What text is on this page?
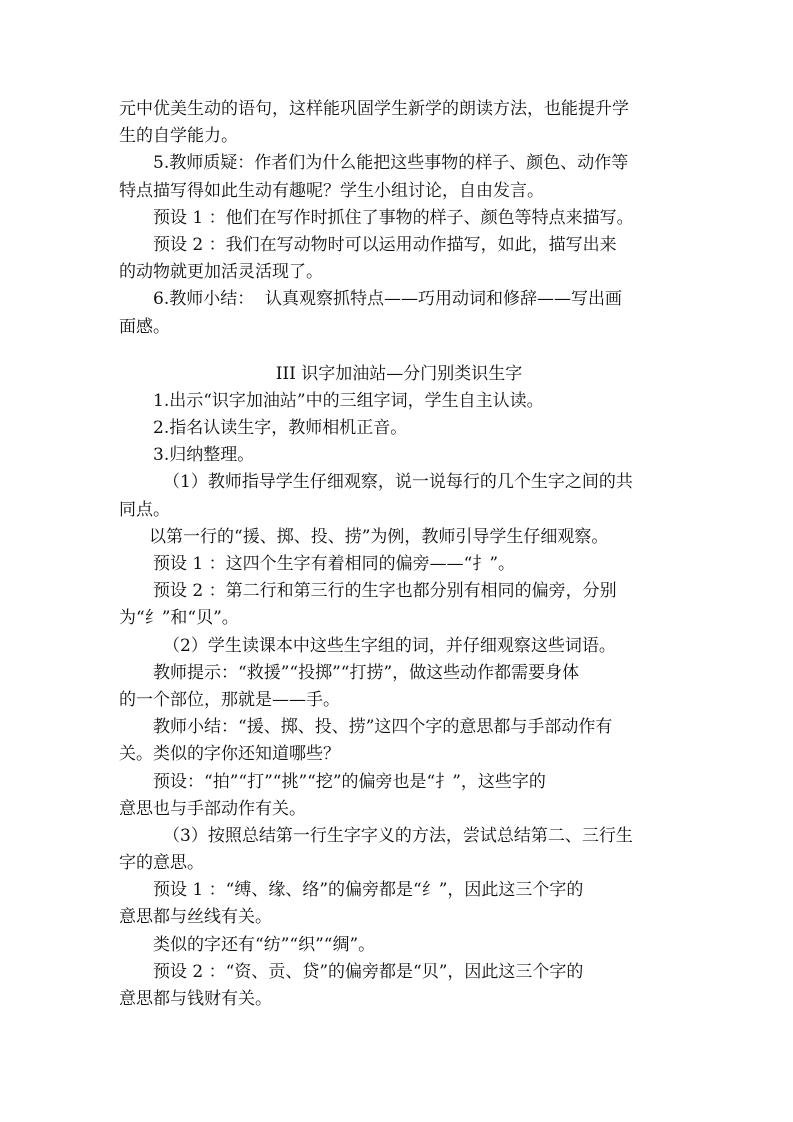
元中优美生动的语句，这样能巩固学生新学的朗读方法，也能提升学
生的自学能力。
5.教师质疑：作者们为什么能把这些事物的样子、颜色、动作等
特点描写得如此生动有趣呢？学生小组讨论，自由发言。
预设 1 ：他们在写作时抓住了事物的样子、颜色等特点来描写。
预设 2 ：我们在写动物时可以运用动作描写，如此，描写出来
的动物就更加活灵活现了。
6.教师小结：  认真观察抓特点——巧用动词和修辞——写出画
面感。
III 识字加油站—分门别类识生字
1.出示“识字加油站”中的三组字词，学生自主认读。
2.指名认读生字，教师相机正音。
3.归纳整理。
（1）教师指导学生仔细观察，说一说每行的几个生字之间的共
同点。
以第一行的“援、掷、投、捞”为例，教师引导学生仔细观察。
预设 1 ：这四个生字有着相同的偏旁——“扌”。
预设 2 ：第二行和第三行的生字也都分别有相同的偏旁，分别
为“纟”和“贝”。
（2）学生读课本中这些生字组的词，并仔细观察这些词语。
教师提示：“救援”“投掷”“打捞”，做这些动作都需要身体
的一个部位，那就是——手。
教师小结：“援、掷、投、捞”这四个字的意思都与手部动作有
关。类似的字你还知道哪些？
预设：“拍”“打”“挑”“挖”的偏旁也是“扌”，这些字的
意思也与手部动作有关。
（3）按照总结第一行生字字义的方法，尝试总结第二、三行生
字的意思。
预设 1 ：“缚、缘、络”的偏旁都是“纟”，因此这三个字的
意思都与丝线有关。
类似的字还有“纺”“织”“绸”。
预设 2 ：“资、贡、贷”的偏旁都是“贝”，因此这三个字的
意思都与钱财有关。
